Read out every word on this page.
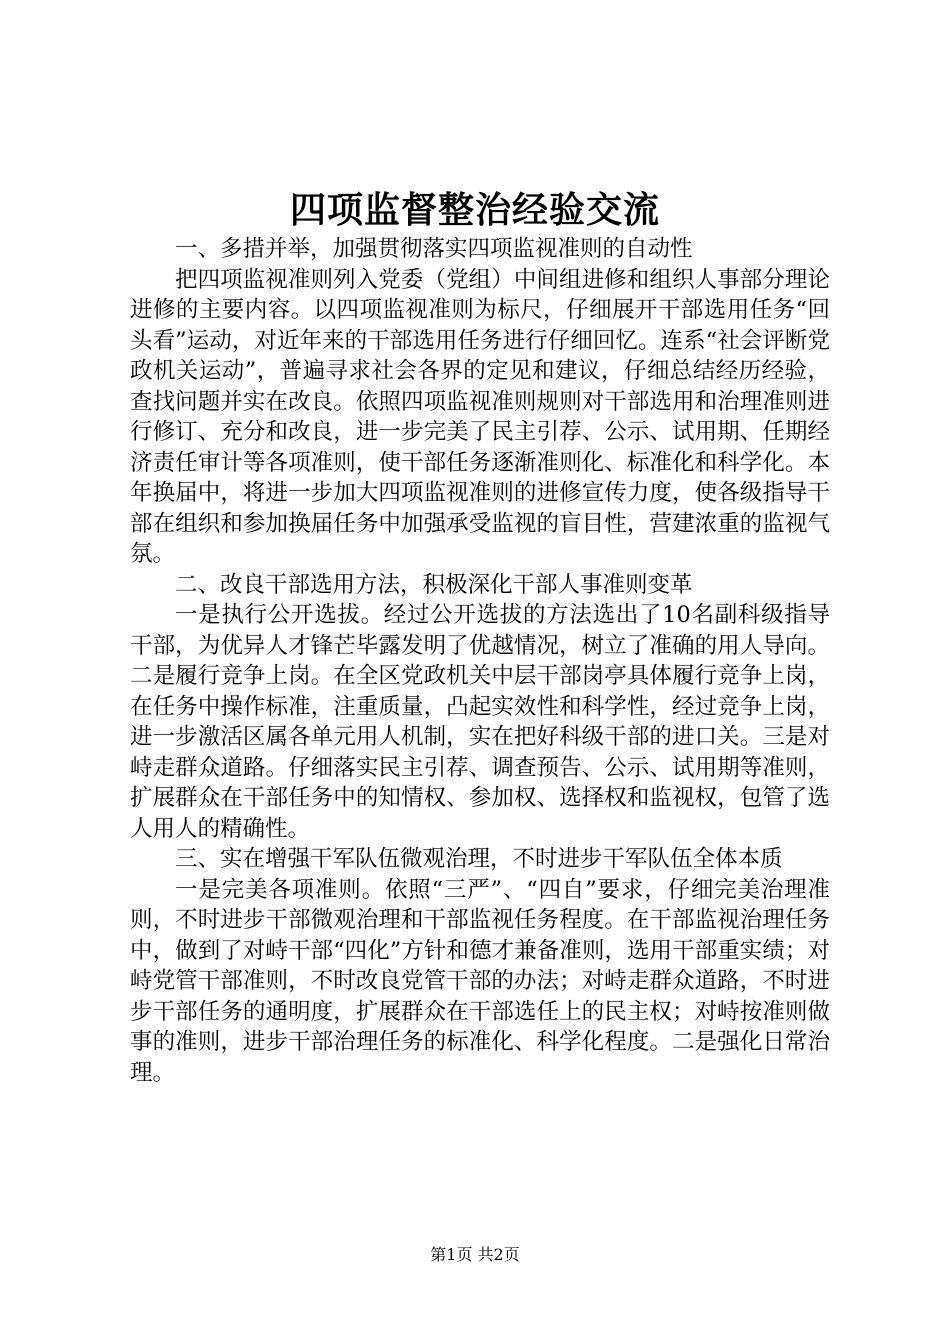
四项监督整治经验交流

一、多措并举，加强贯彻落实四项监视准则的自动性

把四项监视准则列入党委（党组）中间组进修和组织人事部分理论进修的主要内容。以四项监视准则为标尺，仔细展开干部选用任务“回头看”运动，对近年来的干部选用任务进行仔细回忆。连系“社会评断党政机关运动”，普遍寻求社会各界的定见和建议，仔细总结经历经验，查找问题并实在改良。依照四项监视准则规则对干部选用和治理准则进行修订、充分和改良，进一步完美了民主引荐、公示、试用期、任期经济责任审计等各项准则，使干部任务逐渐准则化、标准化和科学化。本年换届中，将进一步加大四项监视准则的进修宣传力度，使各级指导干部在组织和参加换届任务中加强承受监视的盲目性，营建浓重的监视气氛。

二、改良干部选用方法，积极深化干部人事准则变革

一是执行公开选拔。经过公开选拔的方法选出了10名副科级指导干部，为优异人才锋芒毕露发明了优越情况，树立了准确的用人导向。二是履行竞争上岗。在全区党政机关中层干部岗亭具体履行竞争上岗，在任务中操作标准，注重质量，凸起实效性和科学性，经过竞争上岗，进一步激活区属各单元用人机制，实在把好科级干部的进口关。三是对峙走群众道路。仔细落实民主引荐、调查预告、公示、试用期等准则，扩展群众在干部任务中的知情权、参加权、选择权和监视权，包管了选人用人的精确性。

三、实在增强干军队伍微观治理，不时进步干军队伍全体本质

一是完美各项准则。依照“三严”、“四自”要求，仔细完美治理准则，不时进步干部微观治理和干部监视任务程度。在干部监视治理任务中，做到了对峙干部“四化”方针和德才兼备准则，选用干部重实绩；对峙党管干部准则，不时改良党管干部的办法；对峙走群众道路，不时进步干部任务的通明度，扩展群众在干部选任上的民主权；对峙按准则做事的准则，进步干部治理任务的标准化、科学化程度。二是强化日常治理。

第1页 共2页
